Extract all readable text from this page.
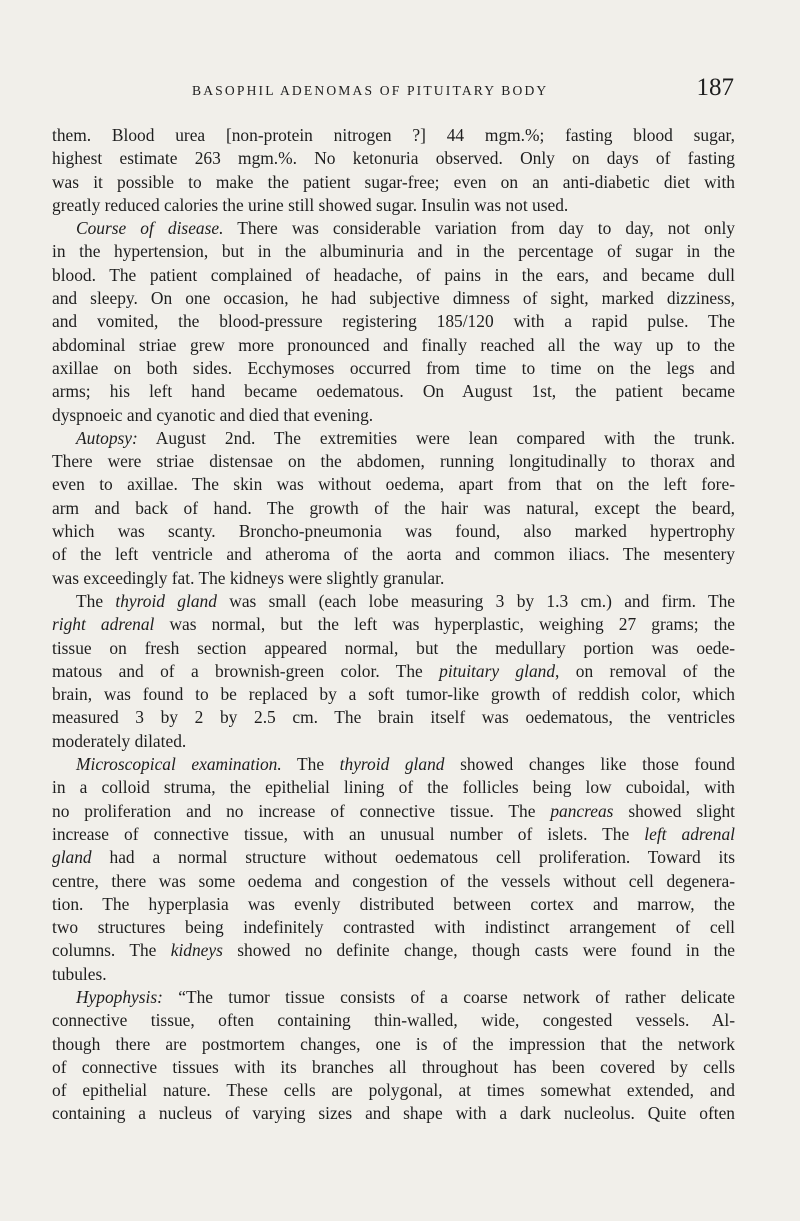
BASOPHIL ADENOMAS OF PITUITARY BODY	187
them. Blood urea [non-protein nitrogen ?] 44 mgm.%; fasting blood sugar,
highest estimate 263 mgm.%. No ketonuria observed. Only on days of fasting
was it possible to make the patient sugar-free; even on an anti-diabetic diet with
greatly reduced calories the urine still showed sugar. Insulin was not used.
Course of disease. There was considerable variation from day to day, not only
in the hypertension, but in the albuminuria and in the percentage of sugar in the
blood. The patient complained of headache, of pains in the ears, and became dull
and sleepy. On one occasion, he had subjective dimness of sight, marked dizziness,
and vomited, the blood-pressure registering 185/120 with a rapid pulse. The
abdominal striae grew more pronounced and finally reached all the way up to the
axillae on both sides. Ecchymoses occurred from time to time on the legs and
arms; his left hand became oedematous. On August 1st, the patient became
dyspnoeic and cyanotic and died that evening.
Autopsy: August 2nd. The extremities were lean compared with the trunk.
There were striae distensae on the abdomen, running longitudinally to thorax and
even to axillae. The skin was without oedema, apart from that on the left fore-
arm and back of hand. The growth of the hair was natural, except the beard,
which was scanty. Broncho-pneumonia was found, also marked hypertrophy
of the left ventricle and atheroma of the aorta and common iliacs. The mesentery
was exceedingly fat. The kidneys were slightly granular.
The thyroid gland was small (each lobe measuring 3 by 1.3 cm.) and firm. The
right adrenal was normal, but the left was hyperplastic, weighing 27 grams; the
tissue on fresh section appeared normal, but the medullary portion was oede-
matous and of a brownish-green color. The pituitary gland, on removal of the
brain, was found to be replaced by a soft tumor-like growth of reddish color, which
measured 3 by 2 by 2.5 cm. The brain itself was oedematous, the ventricles
moderately dilated.
Microscopical examination. The thyroid gland showed changes like those found
in a colloid struma, the epithelial lining of the follicles being low cuboidal, with
no proliferation and no increase of connective tissue. The pancreas showed slight
increase of connective tissue, with an unusual number of islets. The left adrenal
gland had a normal structure without oedematous cell proliferation. Toward its
centre, there was some oedema and congestion of the vessels without cell degenera-
tion. The hyperplasia was evenly distributed between cortex and marrow, the
two structures being indefinitely contrasted with indistinct arrangement of cell
columns. The kidneys showed no definite change, though casts were found in the
tubules.
Hypophysis: “The tumor tissue consists of a coarse network of rather delicate
connective tissue, often containing thin-walled, wide, congested vessels. Al-
though there are postmortem changes, one is of the impression that the network
of connective tissues with its branches all throughout has been covered by cells
of epithelial nature. These cells are polygonal, at times somewhat extended, and
containing a nucleus of varying sizes and shape with a dark nucleolus. Quite often
